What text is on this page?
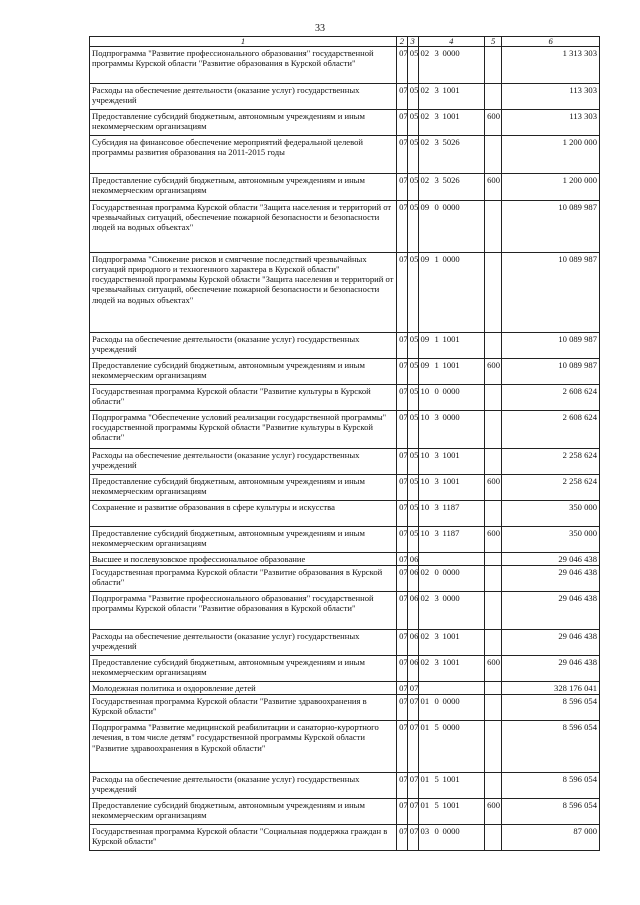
33
1	2	3	4	5	6
Подпрограмма "Развитие профессионального образования" государственной программы Курской области "Развитие образования в Курской области"	07	05	02 3 0000		1 313 303
Расходы на обеспечение деятельности (оказание услуг) государственных учреждений	07	05	02 3 1001		113 303
Предоставление субсидий бюджетным, автономным учреждениям и иным некоммерческим организациям	07	05	02 3 1001	600	113 303
Субсидия на финансовое обеспечение мероприятий федеральной целевой программы развития образования на 2011-2015 годы	07	05	02 3 5026		1 200 000
Предоставление субсидий бюджетным, автономным учреждениям и иным некоммерческим организациям	07	05	02 3 5026	600	1 200 000
Государственная программа Курской области "Защита населения и территорий от чрезвычайных ситуаций, обеспечение пожарной безопасности и безопасности людей на водных объектах"	07	05	09 0 0000		10 089 987
Подпрограмма "Снижение рисков и смягчение последствий чрезвычайных ситуаций природного и техногенного характера в Курской области" государственной программы Курской области "Защита населения и территорий от чрезвычайных ситуаций, обеспечение пожарной безопасности и безопасности людей на водных объектах"	07	05	09 1 0000		10 089 987
Расходы на обеспечение деятельности (оказание услуг) государственных учреждений	07	05	09 1 1001		10 089 987
Предоставление субсидий бюджетным, автономным учреждениям и иным некоммерческим организациям	07	05	09 1 1001	600	10 089 987
Государственная программа Курской области "Развитие культуры в Курской области"	07	05	10 0 0000		2 608 624
Подпрограмма "Обеспечение условий реализации государственной программы" государственной программы Курской области "Развитие культуры в Курской области"	07	05	10 3 0000		2 608 624
Расходы на обеспечение деятельности (оказание услуг) государственных учреждений	07	05	10 3 1001		2 258 624
Предоставление субсидий бюджетным, автономным учреждениям и иным некоммерческим организациям	07	05	10 3 1001	600	2 258 624
Сохранение и развитие образования в сфере культуры и искусства	07	05	10 3 1187		350 000
Предоставление субсидий бюджетным, автономным учреждениям и иным некоммерческим организациям	07	05	10 3 1187	600	350 000
Высшее и послевузовское профессиональное образование	07	06			29 046 438
Государственная программа Курской области "Развитие образования в Курской области"	07	06	02 0 0000		29 046 438
Подпрограмма "Развитие профессионального образования" государственной программы Курской области "Развитие образования в Курской области"	07	06	02 3 0000		29 046 438
Расходы на обеспечение деятельности (оказание услуг) государственных учреждений	07	06	02 3 1001		29 046 438
Предоставление субсидий бюджетным, автономным учреждениям и иным некоммерческим организациям	07	06	02 3 1001	600	29 046 438
Молодежная политика и оздоровление детей	07	07			328 176 041
Государственная программа Курской области "Развитие здравоохранения в Курской области"	07	07	01 0 0000		8 596 054
Подпрограмма "Развитие медицинской реабилитации и санаторно-курортного лечения, в том числе детям" государственной программы Курской области "Развитие здравоохранения в Курской области"	07	07	01 5 0000		8 596 054
Расходы на обеспечение деятельности (оказание услуг) государственных учреждений	07	07	01 5 1001		8 596 054
Предоставление субсидий бюджетным, автономным учреждениям и иным некоммерческим организациям	07	07	01 5 1001	600	8 596 054
Государственная программа Курской области "Социальная поддержка граждан в Курской области"	07	07	03 0 0000		87 000
